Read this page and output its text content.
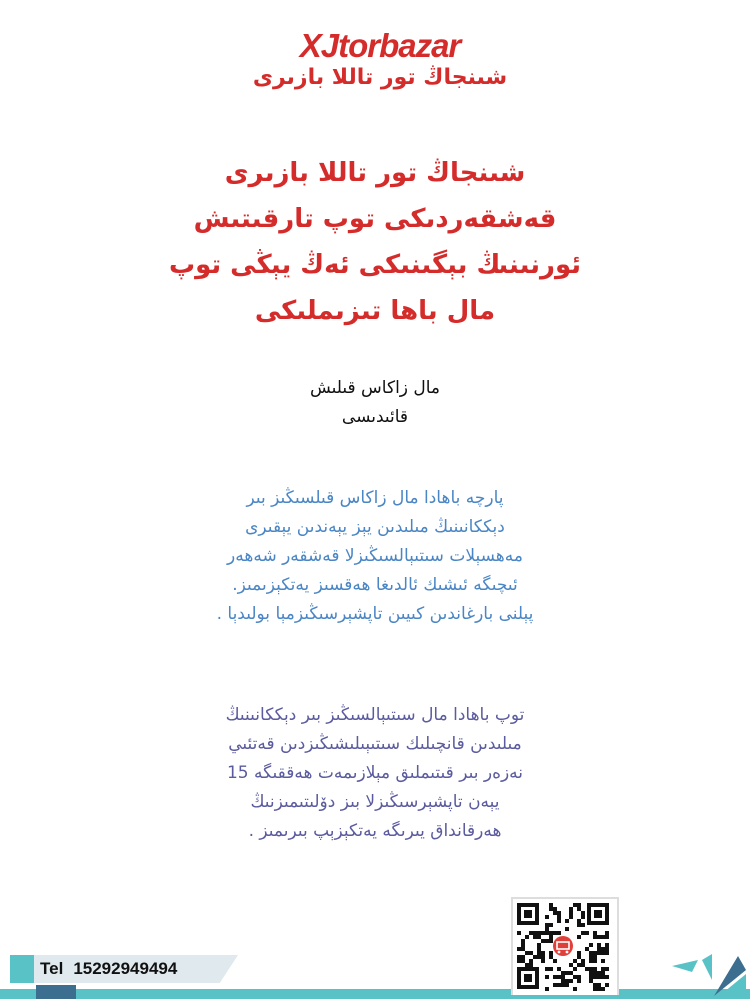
XJtorbazar
شىنجاڭ تور تاللا بازىرى
شىنجاڭ تور تاللا بازىرى
قەشقەردىكى توپ تارقىتىش
ئورنىنىڭ بېگىنىكى ئەڭ يېڭى توپ
مال باھا تىزىملىكى
مال زاكاس قىلىش
قائىدىسى
پارچە باھادا مال زاكاس قىلسىڭىز بىر
دېككانىنىڭ مىلىدىن يېز يېەندىن يېقىرى
مەھسېلات سىتىېالسىڭىزلا قەشقەر شەھەر
ئىچىگە ئىشىك ئالدىغا ھەقسىز يەتكېزىمىز.
پېلنى بارغاندىن كىيىن تاپشېرسىڭىزمېا بولىدېا .
توپ باھادا مال سىتىېالسىڭىز بىر دېككانىنىڭ
مىلىدىن قانچىلىك سىتىېىلىشىڭىزدىن قەتئىي
نەزەر بىر قىتىملىق مېلازىمەت ھەققىگە 15
يېەن تاپشېرسىڭىزلا بىز دۆلىتىمىزنىڭ
ھەرقانداق يىرىگە يەتكېزېپ بىرىمىز .
Tel 15292949494
